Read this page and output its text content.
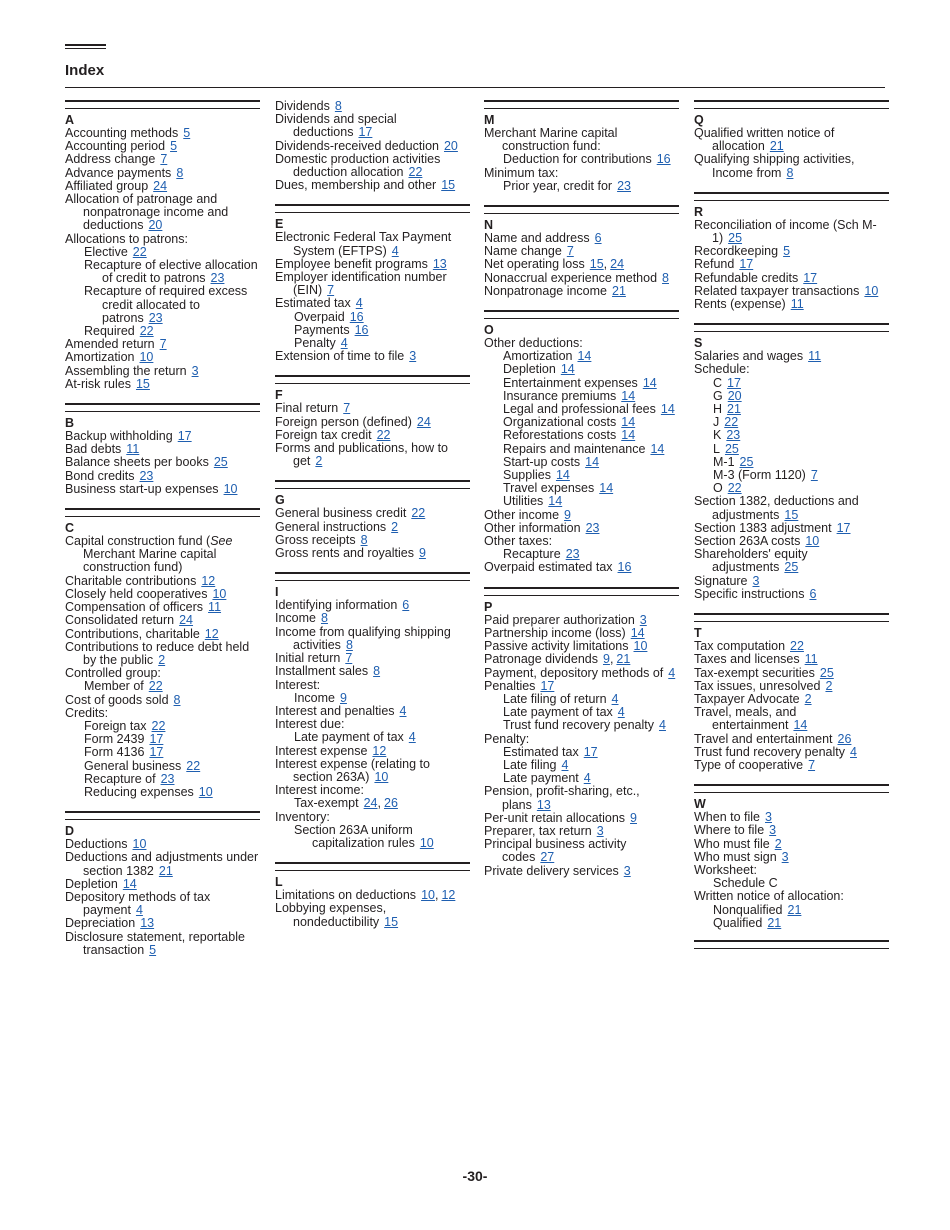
Index
A
Accounting methods 5
Accounting period 5
Address change 7
Advance payments 8
Affiliated group 24
Allocation of patronage and nonpatronage income and deductions 20
Allocations to patrons:
Elective 22
Recapture of elective allocation of credit to patrons 23
Recapture of required excess credit allocated to patrons 23
Required 22
Amended return 7
Amortization 10
Assembling the return 3
At-risk rules 15
B
Backup withholding 17
Bad debts 11
Balance sheets per books 25
Bond credits 23
Business start-up expenses 10
C
Capital construction fund (See Merchant Marine capital construction fund)
Charitable contributions 12
Closely held cooperatives 10
Compensation of officers 11
Consolidated return 24
Contributions, charitable 12
Contributions to reduce debt held by the public 2
Controlled group:
Member of 22
Cost of goods sold 8
Credits:
Foreign tax 22
Form 2439 17
Form 4136 17
General business 22
Recapture of 23
Reducing expenses 10
D
Deductions 10
Deductions and adjustments under section 1382 21
Depletion 14
Depository methods of tax payment 4
Depreciation 13
Disclosure statement, reportable transaction 5
Dividends 8
Dividends and special deductions 17
Dividends-received deduction 20
Domestic production activities deduction allocation 22
Dues, membership and other 15
E
Electronic Federal Tax Payment System (EFTPS) 4
Employee benefit programs 13
Employer identification number (EIN) 7
Estimated tax 4
Overpaid 16
Payments 16
Penalty 4
Extension of time to file 3
F
Final return 7
Foreign person (defined) 24
Foreign tax credit 22
Forms and publications, how to get 2
G
General business credit 22
General instructions 2
Gross receipts 8
Gross rents and royalties 9
I
Identifying information 6
Income 8
Income from qualifying shipping activities 8
Initial return 7
Installment sales 8
Interest:
Income 9
Interest and penalties 4
Interest due:
Late payment of tax 4
Interest expense 12
Interest expense (relating to section 263A) 10
Interest income:
Tax-exempt 24, 26
Inventory:
Section 263A uniform capitalization rules 10
L
Limitations on deductions 10, 12
Lobbying expenses, nondeductibility 15
M
Merchant Marine capital construction fund:
Deduction for contributions 16
Minimum tax:
Prior year, credit for 23
N
Name and address 6
Name change 7
Net operating loss 15, 24
Nonaccrual experience method 8
Nonpatronage income 21
O
Other deductions:
Amortization 14
Depletion 14
Entertainment expenses 14
Insurance premiums 14
Legal and professional fees 14
Organizational costs 14
Reforestations costs 14
Repairs and maintenance 14
Start-up costs 14
Supplies 14
Travel expenses 14
Utilities 14
Other income 9
Other information 23
Other taxes:
Recapture 23
Overpaid estimated tax 16
P
Paid preparer authorization 3
Partnership income (loss) 14
Passive activity limitations 10
Patronage dividends 9, 21
Payment, depository methods of 4
Penalties 17
Late filing of return 4
Late payment of tax 4
Trust fund recovery penalty 4
Penalty:
Estimated tax 17
Late filing 4
Late payment 4
Pension, profit-sharing, etc., plans 13
Per-unit retain allocations 9
Preparer, tax return 3
Principal business activity codes 27
Private delivery services 3
Q
Qualified written notice of allocation 21
Qualifying shipping activities, Income from 8
R
Reconciliation of income (Sch M-1) 25
Recordkeeping 5
Refund 17
Refundable credits 17
Related taxpayer transactions 10
Rents (expense) 11
S
Salaries and wages 11
Schedule:
C 17
G 20
H 21
J 22
K 23
L 25
M-1 25
M-3 (Form 1120) 7
O 22
Section 1382, deductions and adjustments 15
Section 1383 adjustment 17
Section 263A costs 10
Shareholders' equity adjustments 25
Signature 3
Specific instructions 6
T
Tax computation 22
Taxes and licenses 11
Tax-exempt securities 25
Tax issues, unresolved 2
Taxpayer Advocate 2
Travel, meals, and entertainment 14
Travel and entertainment 26
Trust fund recovery penalty 4
Type of cooperative 7
W
When to file 3
Where to file 3
Who must file 2
Who must sign 3
Worksheet:
Schedule C
Written notice of allocation:
Nonqualified 21
Qualified 21
-30-
